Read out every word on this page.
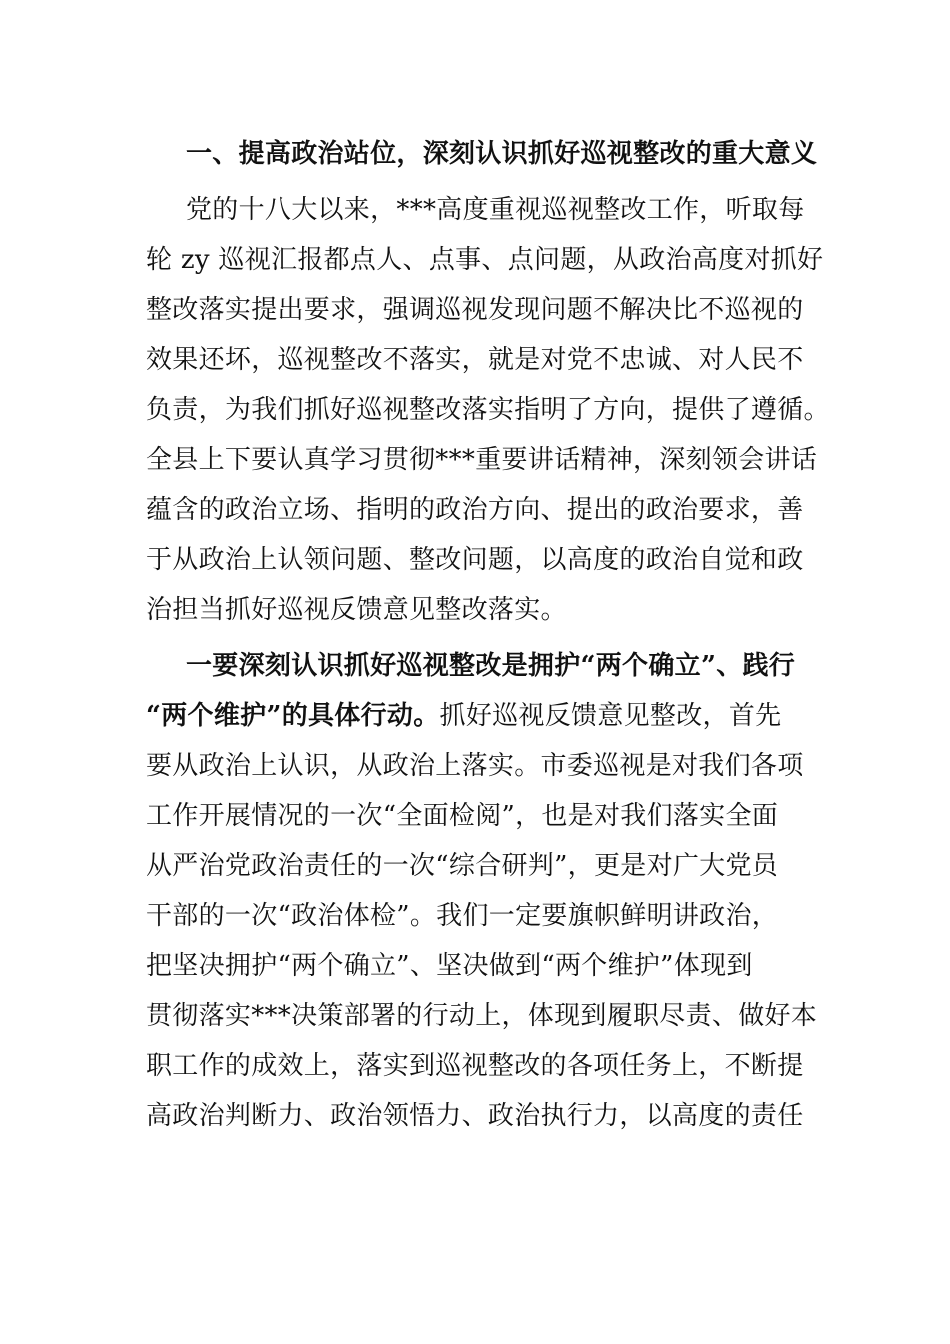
一、提高政治站位，深刻认识抓好巡视整改的重大意义

党的十八大以来，***高度重视巡视整改工作，听取每

轮 zy 巡视汇报都点人、点事、点问题，从政治高度对抓好

整改落实提出要求，强调巡视发现问题不解决比不巡视的

效果还坏，巡视整改不落实，就是对党不忠诚、对人民不

负责，为我们抓好巡视整改落实指明了方向，提供了遵循。

全县上下要认真学习贯彻***重要讲话精神，深刻领会讲话

蕴含的政治立场、指明的政治方向、提出的政治要求，善

于从政治上认领问题、整改问题，以高度的政治自觉和政

治担当抓好巡视反馈意见整改落实。

一要深刻认识抓好巡视整改是拥护“两个确立”、践行

“两个维护”的具体行动。抓好巡视反馈意见整改，首先

要从政治上认识，从政治上落实。市委巡视是对我们各项

工作开展情况的一次“全面检阅”，也是对我们落实全面

从严治党政治责任的一次“综合研判”，更是对广大党员

干部的一次“政治体检”。我们一定要旗帜鲜明讲政治，

把坚决拥护“两个确立”、坚决做到“两个维护”体现到

贯彻落实***决策部署的行动上，体现到履职尽责、做好本

职工作的成效上，落实到巡视整改的各项任务上，不断提

高政治判断力、政治领悟力、政治执行力，以高度的责任
